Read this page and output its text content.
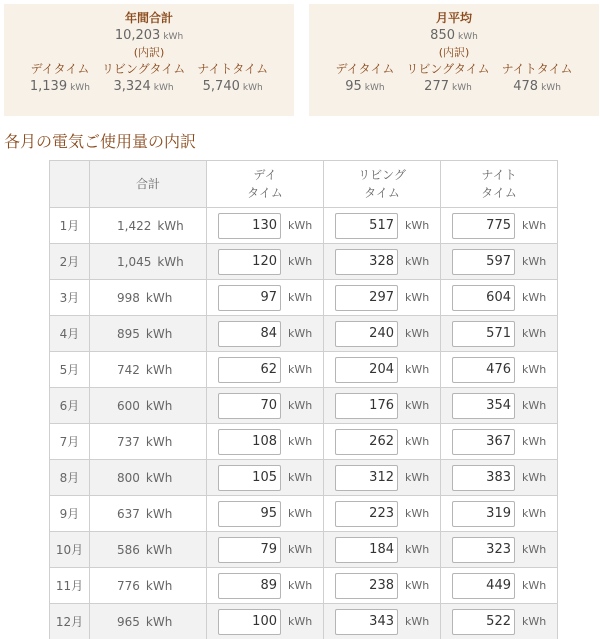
年間合計
10,203 kWh
(内訳)
デイタイム
1,139 kWh
リビングタイム
3,324 kWh
ナイトタイム
5,740 kWh
月平均
850 kWh
(内訳)
デイタイム
95 kWh
リビングタイム
277 kWh
ナイトタイム
478 kWh
各月の電気ご使用量の内訳
	合計	デイ
タイム	リビング
タイム	ナイト
タイム
1月	1,422 kWh	130 kWh	517 kWh	775 kWh
2月	1,045 kWh	120 kWh	328 kWh	597 kWh
3月	998 kWh	97 kWh	297 kWh	604 kWh
4月	895 kWh	84 kWh	240 kWh	571 kWh
5月	742 kWh	62 kWh	204 kWh	476 kWh
6月	600 kWh	70 kWh	176 kWh	354 kWh
7月	737 kWh	108 kWh	262 kWh	367 kWh
8月	800 kWh	105 kWh	312 kWh	383 kWh
9月	637 kWh	95 kWh	223 kWh	319 kWh
10月	586 kWh	79 kWh	184 kWh	323 kWh
11月	776 kWh	89 kWh	238 kWh	449 kWh
12月	965 kWh	100 kWh	343 kWh	522 kWh
